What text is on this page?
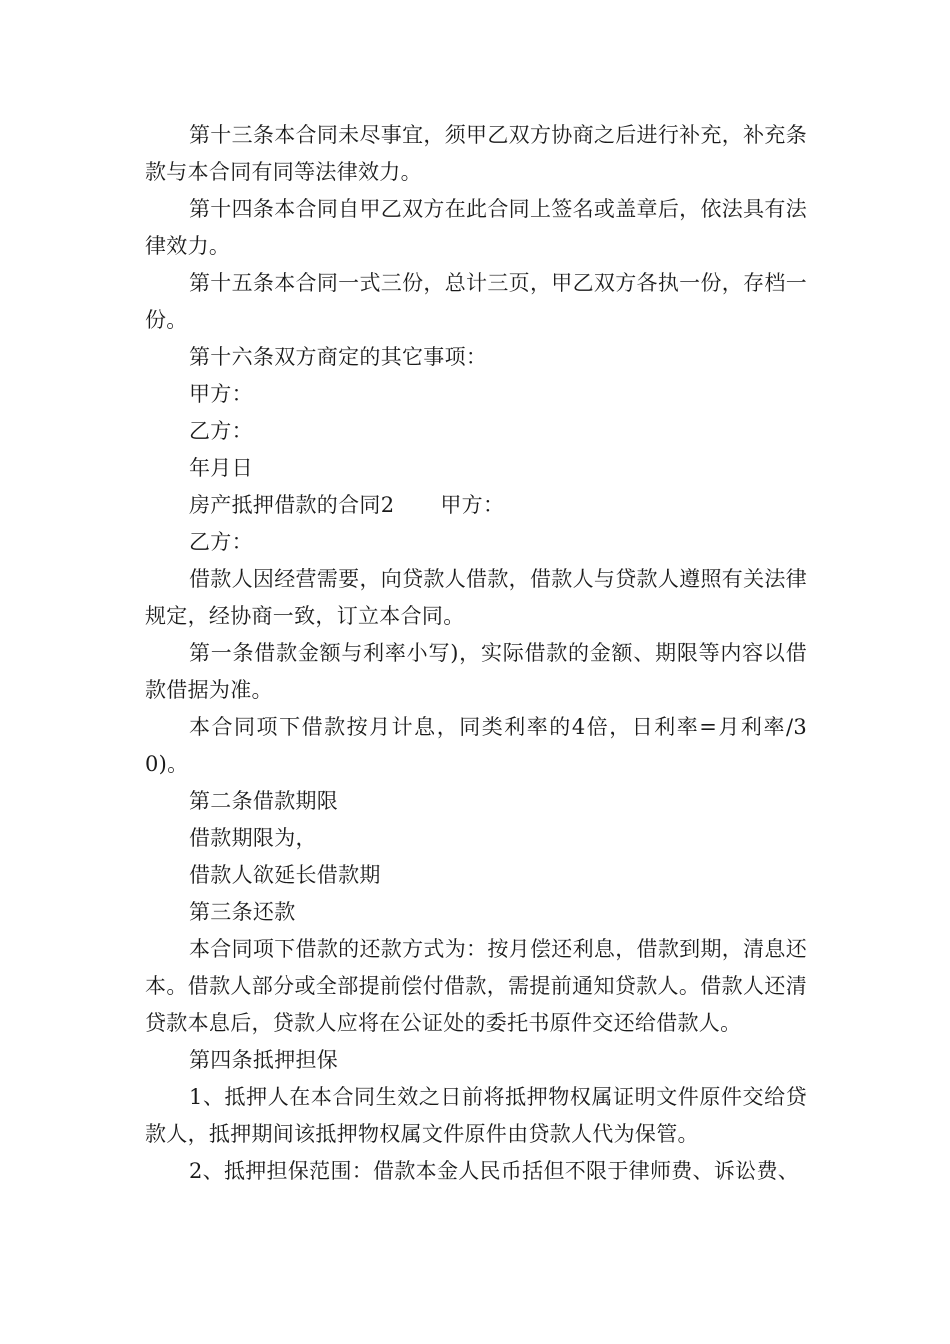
第十三条本合同未尽事宜，须甲乙双方协商之后进行补充，补充条款与本合同有同等法律效力。

第十四条本合同自甲乙双方在此合同上签名或盖章后，依法具有法律效力。

第十五条本合同一式三份，总计三页，甲乙双方各执一份，存档一份。

第十六条双方商定的其它事项：

甲方：

乙方：

年月日

房产抵押借款的合同2 甲方：

乙方：

借款人因经营需要，向贷款人借款，借款人与贷款人遵照有关法律规定，经协商一致，订立本合同。

第一条借款金额与利率小写)，实际借款的金额、期限等内容以借款借据为准。

本合同项下借款按月计息，同类利率的4倍，日利率=月利率/30)。

第二条借款期限

借款期限为，

借款人欲延长借款期

第三条还款

本合同项下借款的还款方式为：按月偿还利息，借款到期，清息还本。借款人部分或全部提前偿付借款，需提前通知贷款人。借款人还清贷款本息后，贷款人应将在公证处的委托书原件交还给借款人。

第四条抵押担保

1、抵押人在本合同生效之日前将抵押物权属证明文件原件交给贷款人，抵押期间该抵押物权属文件原件由贷款人代为保管。

2、抵押担保范围：借款本金人民币括但不限于律师费、诉讼费、
